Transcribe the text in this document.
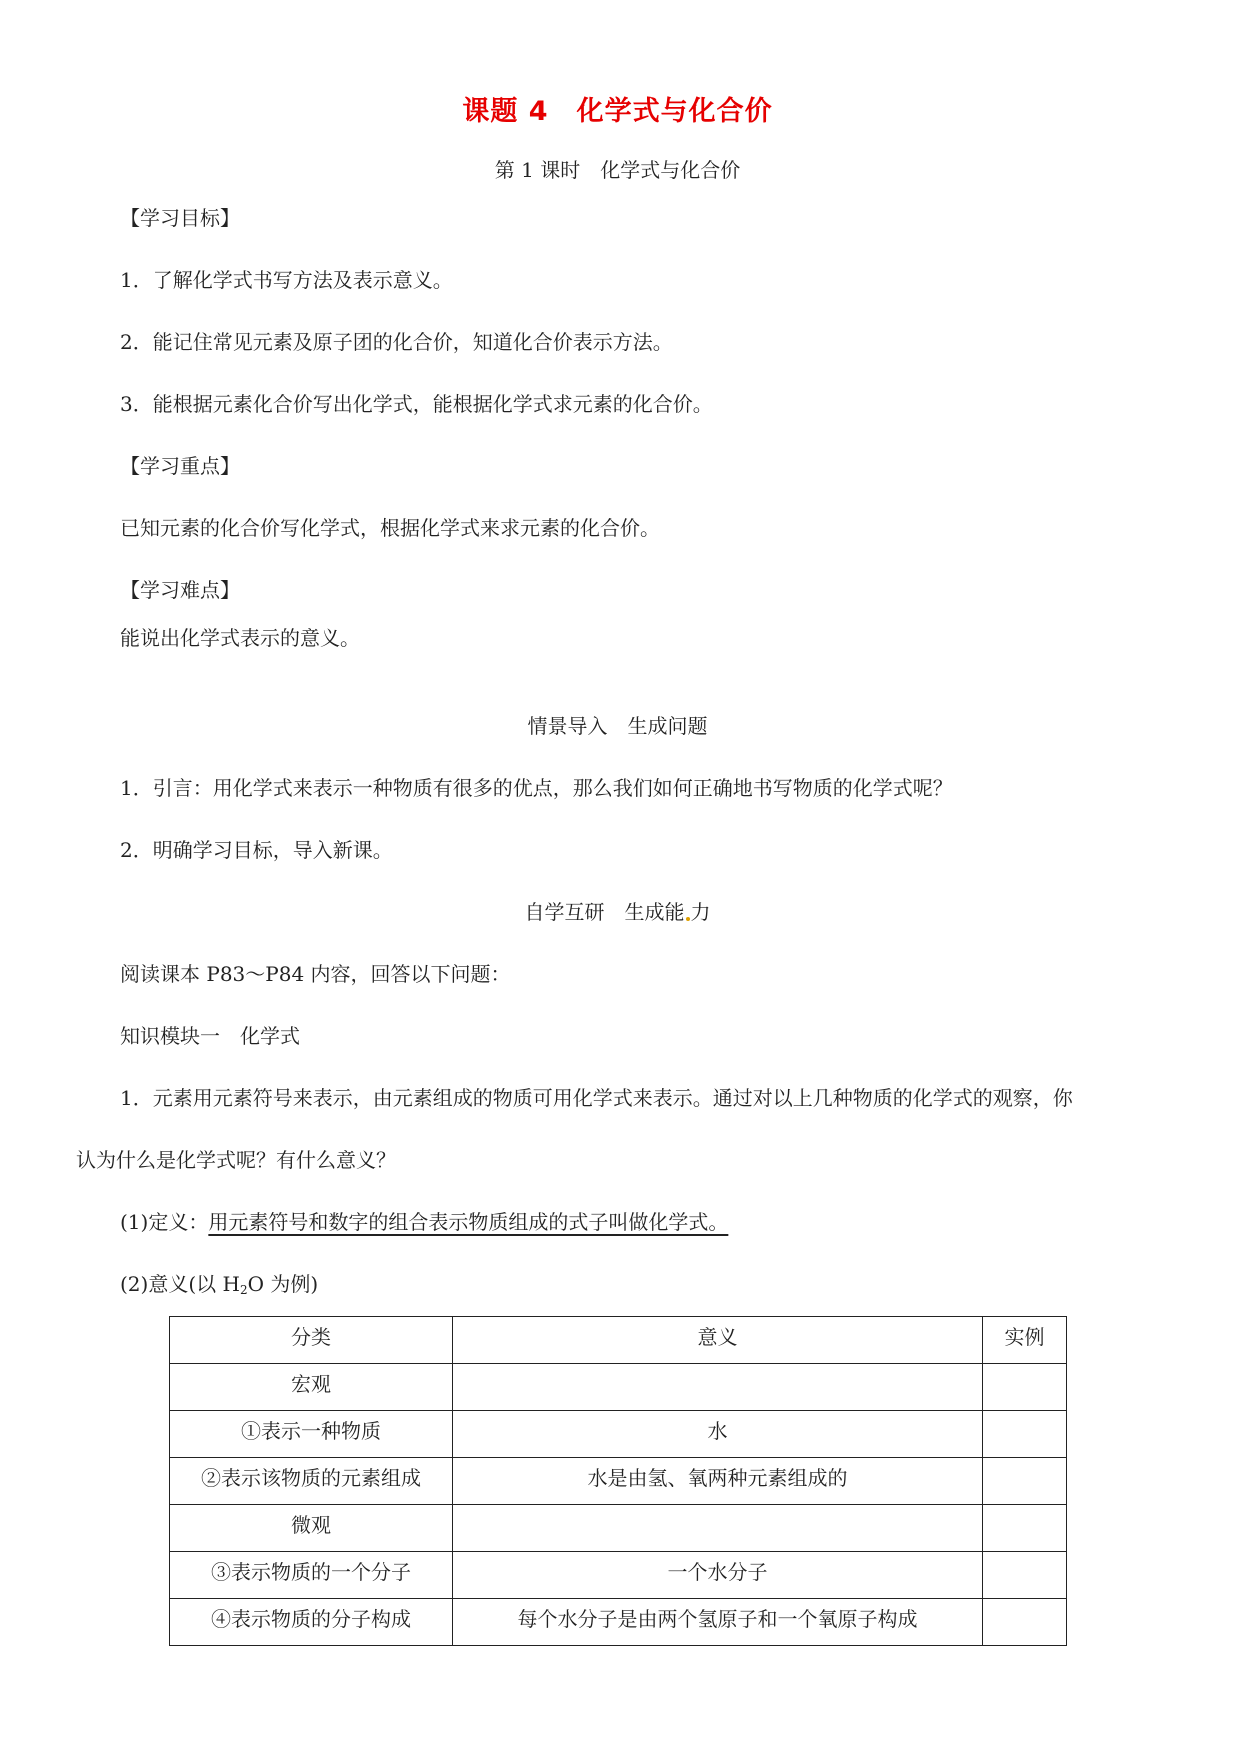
课题 4　化学式与化合价
第 1 课时　化学式与化合价
【学习目标】
1．了解化学式书写方法及表示意义。
2．能记住常见元素及原子团的化合价，知道化合价表示方法。
3．能根据元素化合价写出化学式，能根据化学式求元素的化合价。
【学习重点】
已知元素的化合价写化学式，根据化学式来求元素的化合价。
【学习难点】
能说出化学式表示的意义。
情景导入　生成问题
1．引言：用化学式来表示一种物质有很多的优点，那么我们如何正确地书写物质的化学式呢？
2．明确学习目标，导入新课。
自学互研　生成能 力
阅读课本 P83～P84 内容，回答以下问题：
知识模块一　化学式
1．元素用元素符号来表示，由元素组成的物质可用化学式来表示。通过对以上几种物质的化学式的观察，你
认为什么是化学式呢？有什么意义？
(1)定义：用元素符号和数字的组合表示物质组成的式子叫做化学式。 
(2)意义(以 $H_2O$ 为例)
分类	意义	实例
宏观		
①表示一种物质	水	
②表示该物质的元素组成	水是由氢、氧两种元素组成的	
微观		
③表示物质的一个分子	一个水分子	
④表示物质的分子构成	每个水分子是由两个氢原子和一个氧原子构成	
